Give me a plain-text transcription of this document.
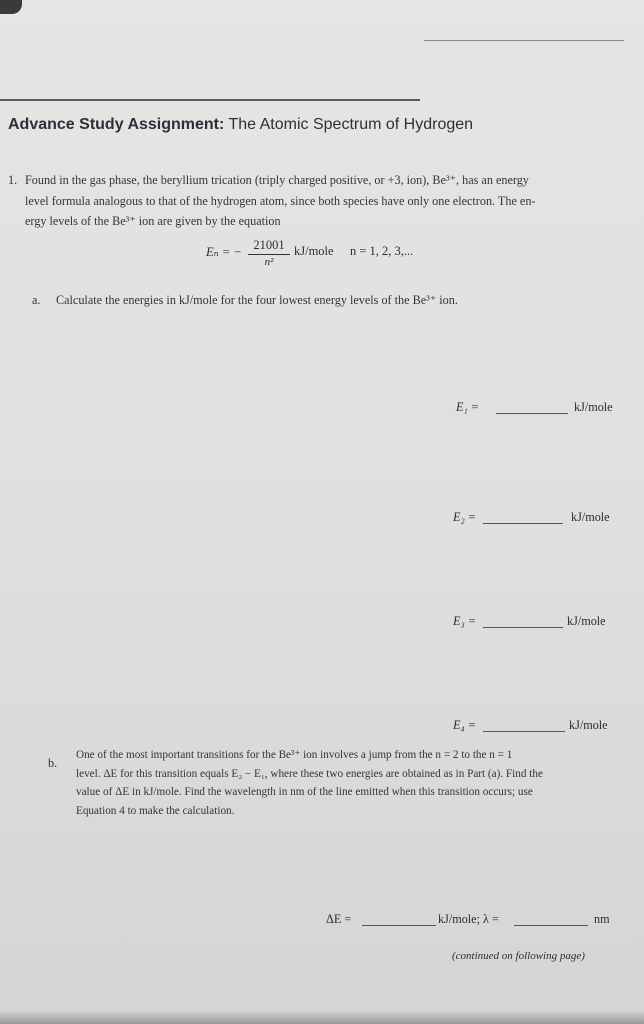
Advance Study Assignment: The Atomic Spectrum of Hydrogen
1. Found in the gas phase, the beryllium trication (triply charged positive, or +3, ion), Be³⁺, has an energy
level formula analogous to that of the hydrogen atom, since both species have only one electron. The en-
ergy levels of the Be³⁺ ion are given by the equation
Eₙ = − 21001
n²
kJ/mole n = 1, 2, 3,...
a. Calculate the energies in kJ/mole for the four lowest energy levels of the Be³⁺ ion.
E₁ =	kJ/mole
E₂ =	kJ/mole
E₃ =	kJ/mole
E₄ =	kJ/mole
b.
One of the most important transitions for the Be³⁺ ion involves a jump from the n = 2 to the n = 1
level. ΔE for this transition equals E₂ − E₁, where these two energies are obtained as in Part (a). Find the
value of ΔE in kJ/mole. Find the wavelength in nm of the line emitted when this transition occurs; use
Equation 4 to make the calculation.
ΔE =	kJ/mole; λ =	nm
(continued on following page)
